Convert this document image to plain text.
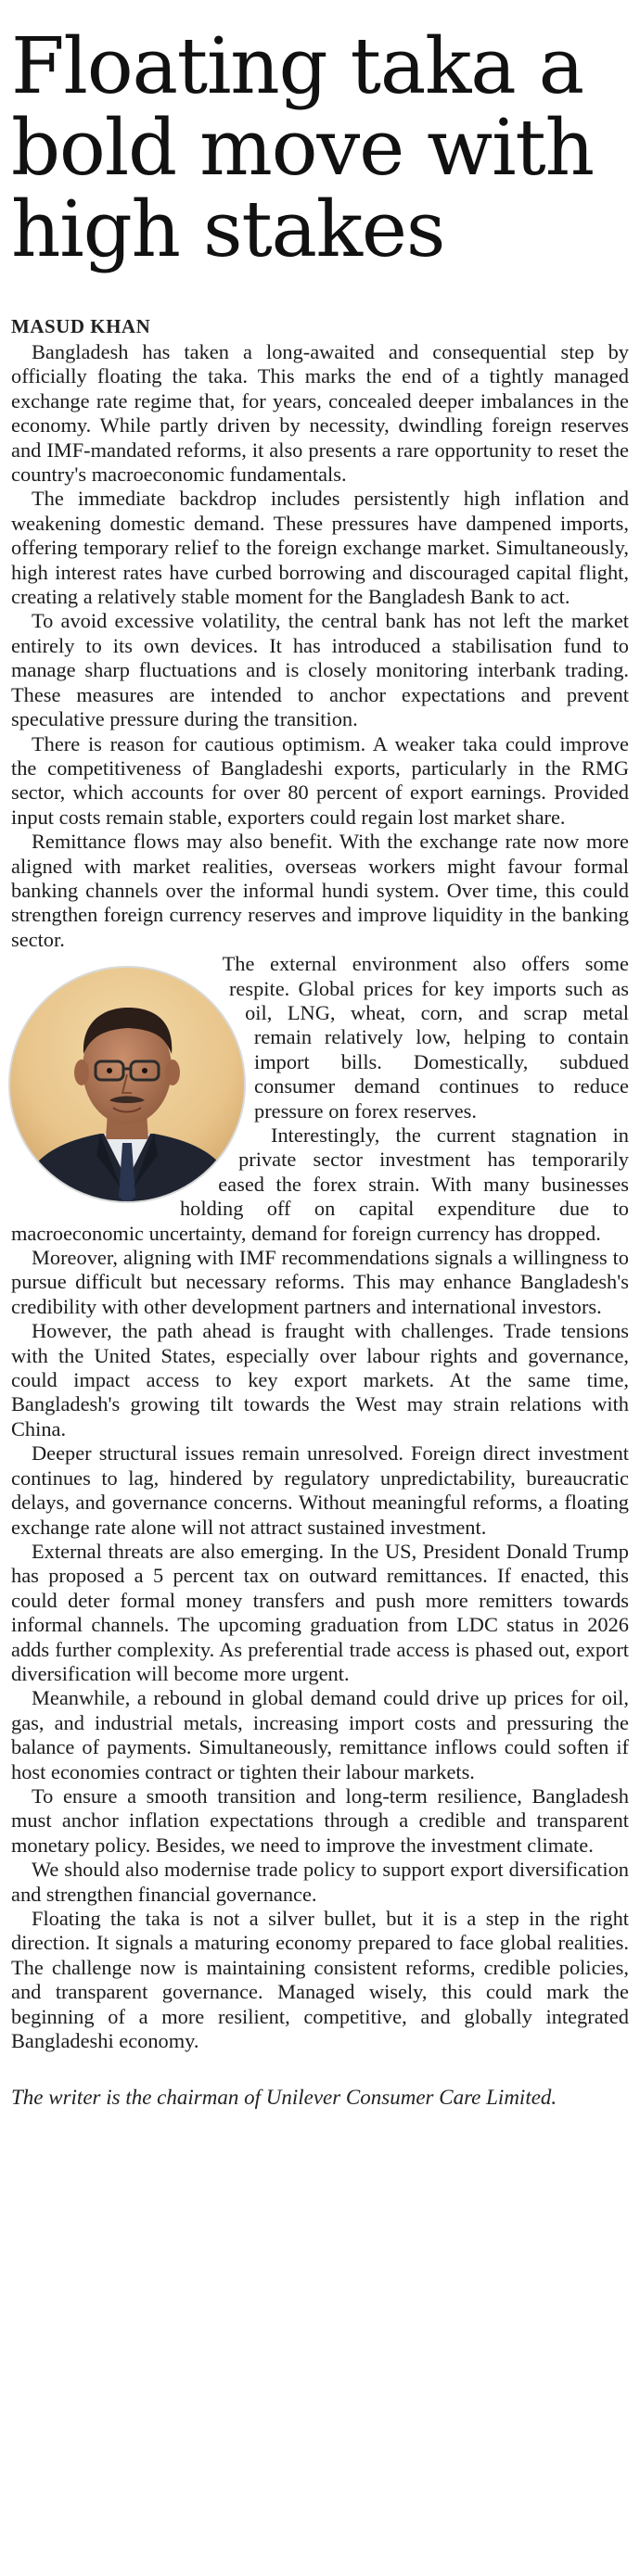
Floating taka a
bold move with
high stakes
MASUD KHAN

Bangladesh has taken a long-awaited and consequential step by officially floating the taka. This marks the end of a tightly managed exchange rate regime that, for years, concealed deeper imbalances in the economy. While partly driven by necessity, dwindling foreign reserves and IMF-mandated reforms, it also presents a rare opportunity to reset the country's macroeconomic fundamentals.

The immediate backdrop includes persistently high inflation and weakening domestic demand. These pressures have dampened imports, offering temporary relief to the foreign exchange market. Simultaneously, high interest rates have curbed borrowing and discouraged capital flight, creating a relatively stable moment for the Bangladesh Bank to act.

To avoid excessive volatility, the central bank has not left the market entirely to its own devices. It has introduced a stabilisation fund to manage sharp fluctuations and is closely monitoring interbank trading. These measures are intended to anchor expectations and prevent speculative pressure during the transition.

There is reason for cautious optimism. A weaker taka could improve the competitiveness of Bangladeshi exports, particularly in the RMG sector, which accounts for over 80 percent of export earnings. Provided input costs remain stable, exporters could regain lost market share.

Remittance flows may also benefit. With the exchange rate now more aligned with market realities, overseas workers might favour formal banking channels over the informal hundi system. Over time, this could strengthen foreign currency reserves and improve liquidity in the banking sector.

The external environment also offers some respite. Global prices for key imports such as oil, LNG, wheat, corn, and scrap metal remain relatively low, helping to contain import bills. Domestically, subdued consumer demand continues to reduce pressure on forex reserves.

Interestingly, the current stagnation in private sector investment has temporarily eased the forex strain. With many businesses holding off on capital expenditure due to macroeconomic uncertainty, demand for foreign currency has dropped.

Moreover, aligning with IMF recommendations signals a willingness to pursue difficult but necessary reforms. This may enhance Bangladesh's credibility with other development partners and international investors.

However, the path ahead is fraught with challenges. Trade tensions with the United States, especially over labour rights and governance, could impact access to key export markets. At the same time, Bangladesh's growing tilt towards the West may strain relations with China.

Deeper structural issues remain unresolved. Foreign direct investment continues to lag, hindered by regulatory unpredictability, bureaucratic delays, and governance concerns. Without meaningful reforms, a floating exchange rate alone will not attract sustained investment.

External threats are also emerging. In the US, President Donald Trump has proposed a 5 percent tax on outward remittances. If enacted, this could deter formal money transfers and push more remitters towards informal channels. The upcoming graduation from LDC status in 2026 adds further complexity. As preferential trade access is phased out, export diversification will become more urgent.

Meanwhile, a rebound in global demand could drive up prices for oil, gas, and industrial metals, increasing import costs and pressuring the balance of payments. Simultaneously, remittance inflows could soften if host economies contract or tighten their labour markets.

To ensure a smooth transition and long-term resilience, Bangladesh must anchor inflation expectations through a credible and transparent monetary policy. Besides, we need to improve the investment climate.

We should also modernise trade policy to support export diversification and strengthen financial governance.

Floating the taka is not a silver bullet, but it is a step in the right direction. It signals a maturing economy prepared to face global realities. The challenge now is maintaining consistent reforms, credible policies, and transparent governance. Managed wisely, this could mark the beginning of a more resilient, competitive, and globally integrated Bangladeshi economy.

The writer is the chairman of Unilever Consumer Care Limited.
